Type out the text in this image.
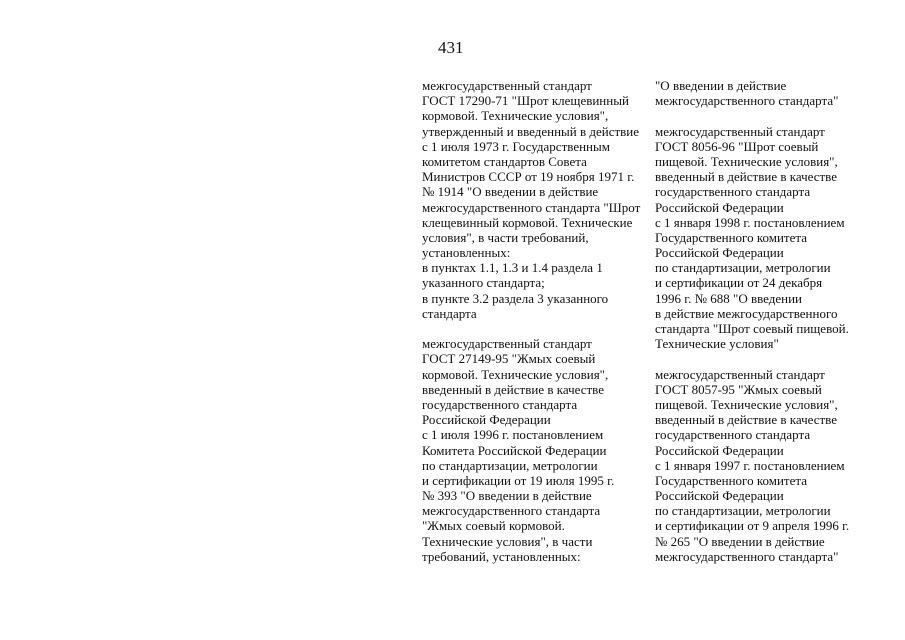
431
межгосударственный стандарт
ГОСТ 17290-71 "Шрот клещевинный
кормовой. Технические условия",
утвержденный и введенный в действие
с 1 июля 1973 г. Государственным
комитетом стандартов Совета
Министров СССР от 19 ноября 1971 г.
№ 1914 "О введении в действие
межгосударственного стандарта "Шрот
клещевинный кормовой. Технические
условия", в части требований,
установленных:
в пунктах 1.1, 1.3 и 1.4 раздела 1
указанного стандарта;
в пункте 3.2 раздела 3 указанного
стандарта
межгосударственный стандарт
ГОСТ 27149-95 "Жмых соевый
кормовой. Технические условия",
введенный в действие в качестве
государственного стандарта
Российской Федерации
с 1 июля 1996 г. постановлением
Комитета Российской Федерации
по стандартизации, метрологии
и сертификации от 19 июля 1995 г.
№ 393 "О введении в действие
межгосударственного стандарта
"Жмых соевый кормовой.
Технические условия", в части
требований, установленных:
"О введении в действие
межгосударственного стандарта"
межгосударственный стандарт
ГОСТ 8056-96 "Шрот соевый
пищевой. Технические условия",
введенный в действие в качестве
государственного стандарта
Российской Федерации
с 1 января 1998 г. постановлением
Государственного комитета
Российской Федерации
по стандартизации, метрологии
и сертификации от 24 декабря
1996 г. № 688 "О введении
в действие межгосударственного
стандарта "Шрот соевый пищевой.
Технические условия"
межгосударственный стандарт
ГОСТ 8057-95 "Жмых соевый
пищевой. Технические условия",
введенный в действие в качестве
государственного стандарта
Российской Федерации
с 1 января 1997 г. постановлением
Государственного комитета
Российской Федерации
по стандартизации, метрологии
и сертификации от 9 апреля 1996 г.
№ 265 "О введении в действие
межгосударственного стандарта"
